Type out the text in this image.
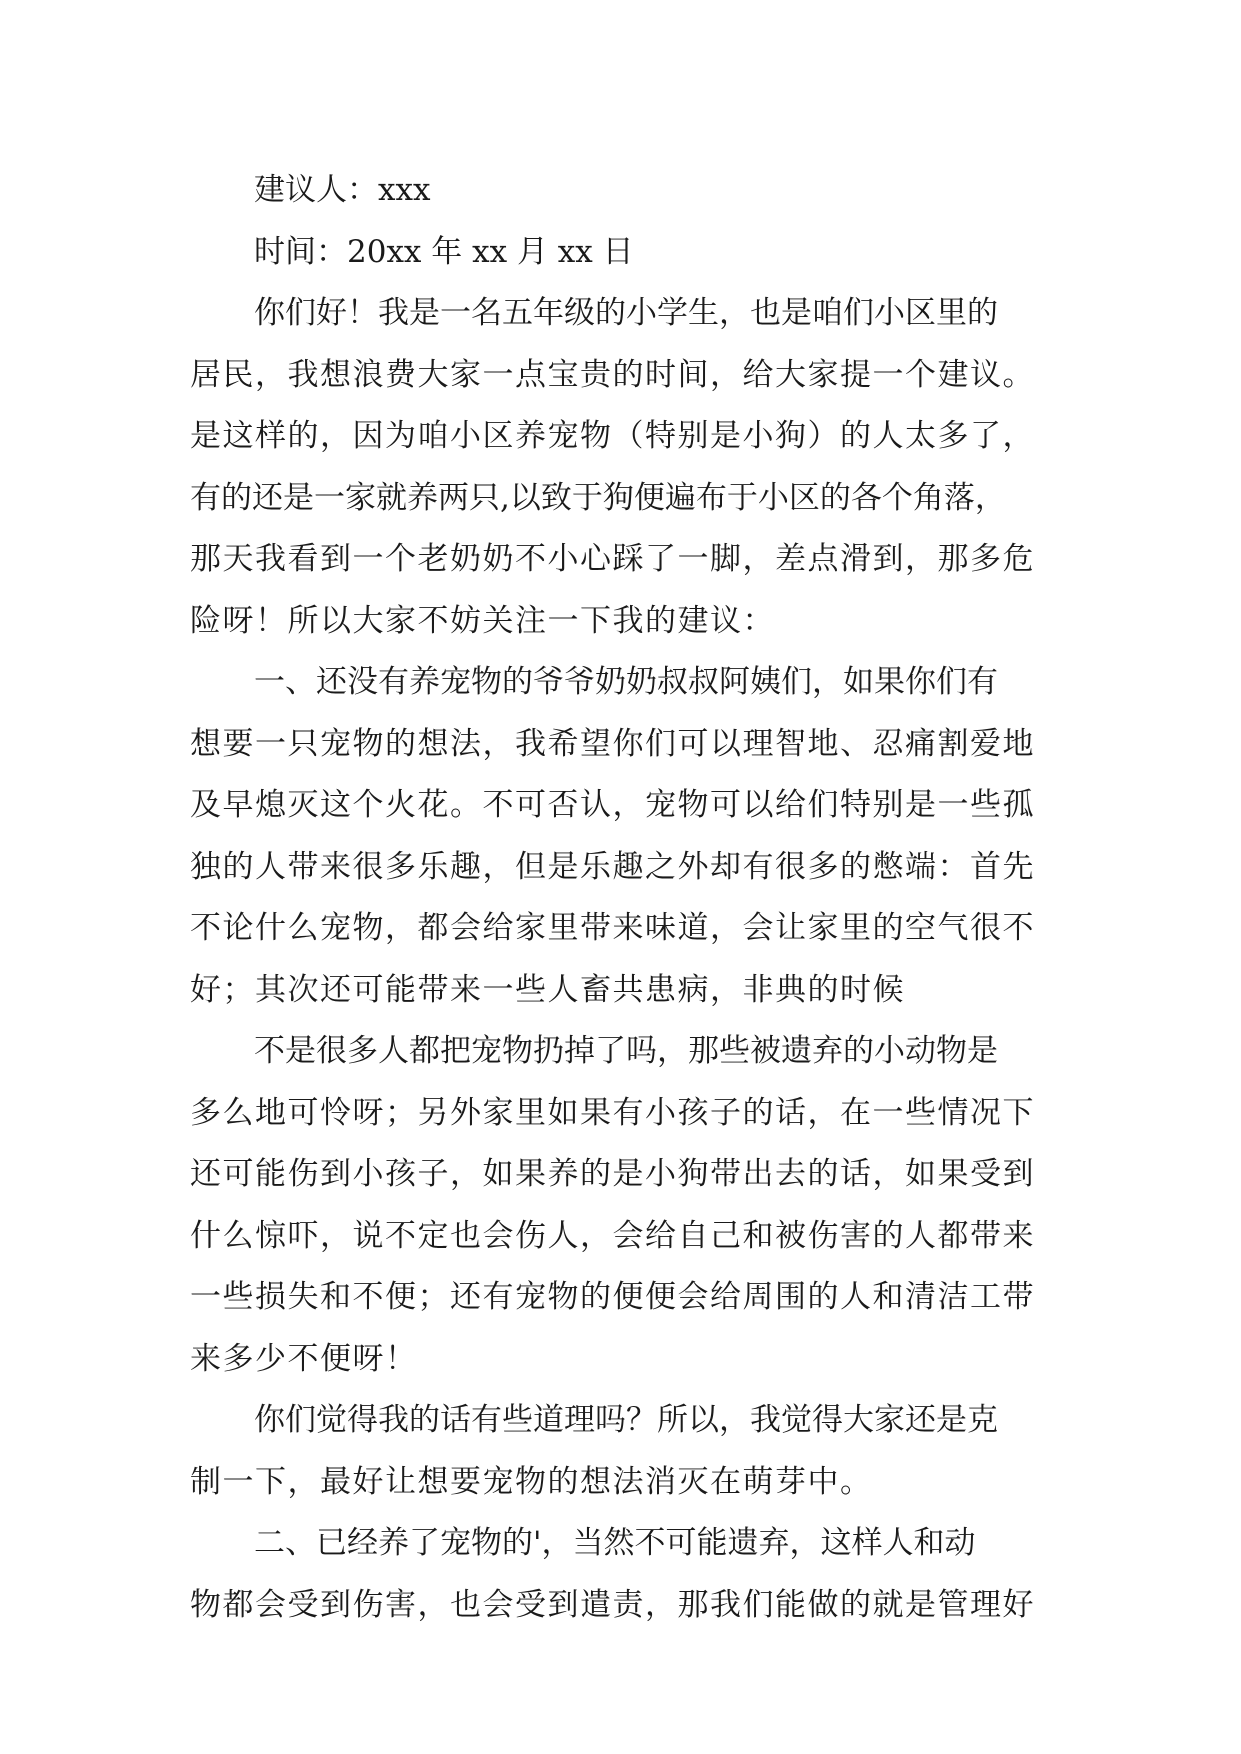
建议人：xxx
时间：20xx 年 xx 月 xx 日
你们好！我是一名五年级的小学生，也是咱们小区里的
居民，我想浪费大家一点宝贵的时间，给大家提一个建议。
是这样的，因为咱小区养宠物（特别是小狗）的人太多了，
有的还是一家就养两只,以致于狗便遍布于小区的各个角落，
那天我看到一个老奶奶不小心踩了一脚，差点滑到，那多危
险呀！所以大家不妨关注一下我的建议：
一、还没有养宠物的爷爷奶奶叔叔阿姨们，如果你们有
想要一只宠物的想法，我希望你们可以理智地、忍痛割爱地
及早熄灭这个火花。不可否认，宠物可以给们特别是一些孤
独的人带来很多乐趣，但是乐趣之外却有很多的憋端：首先
不论什么宠物，都会给家里带来味道，会让家里的空气很不
好；其次还可能带来一些人畜共患病，非典的时候
不是很多人都把宠物扔掉了吗，那些被遗弃的小动物是
多么地可怜呀；另外家里如果有小孩子的话，在一些情况下
还可能伤到小孩子，如果养的是小狗带出去的话，如果受到
什么惊吓，说不定也会伤人，会给自己和被伤害的人都带来
一些损失和不便；还有宠物的便便会给周围的人和清洁工带
来多少不便呀！
你们觉得我的话有些道理吗？所以，我觉得大家还是克
制一下，最好让想要宠物的想法消灭在萌芽中。
二、已经养了宠物的'，当然不可能遗弃，这样人和动
物都会受到伤害，也会受到遣责，那我们能做的就是管理好
